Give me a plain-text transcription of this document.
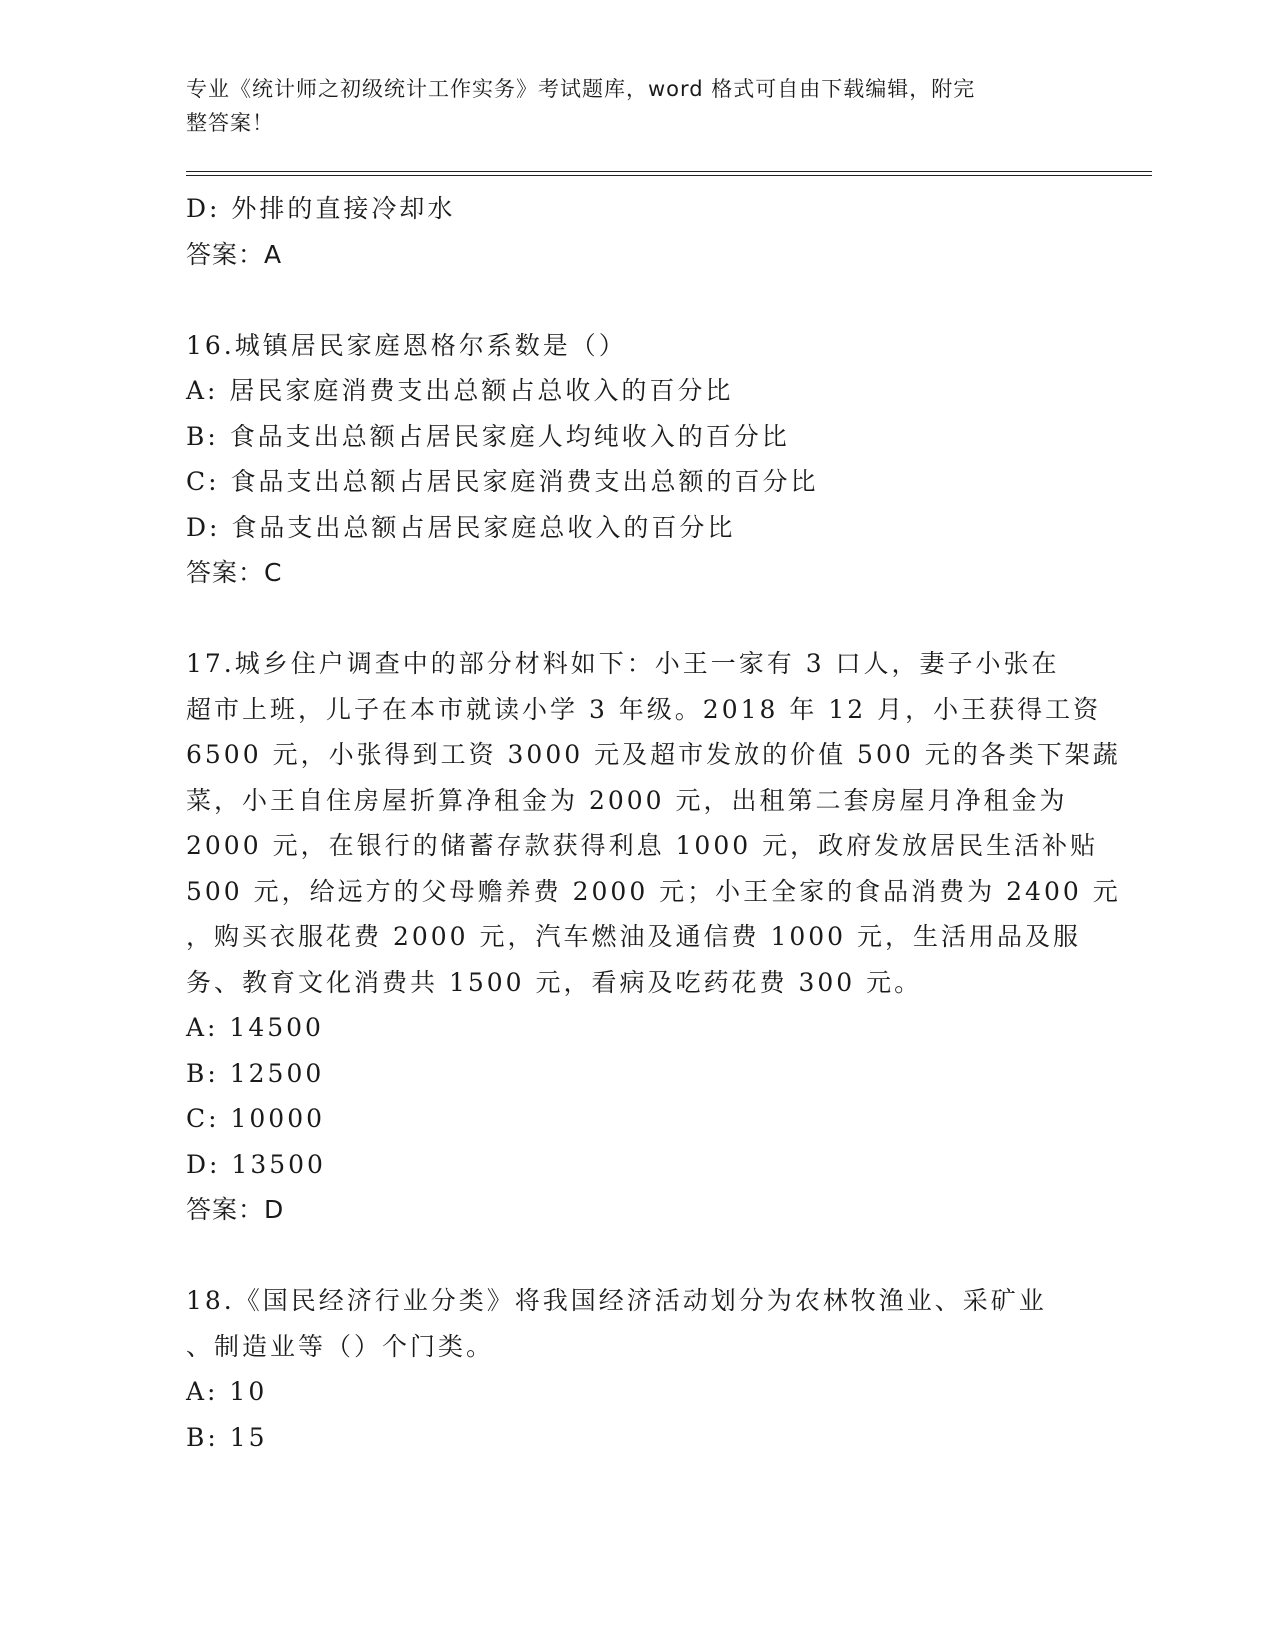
专业《统计师之初级统计工作实务》考试题库，word 格式可自由下载编辑，附完
整答案！
D: 外排的直接冷却水
答案：A
16.城镇居民家庭恩格尔系数是（）
A: 居民家庭消费支出总额占总收入的百分比
B: 食品支出总额占居民家庭人均纯收入的百分比
C: 食品支出总额占居民家庭消费支出总额的百分比
D: 食品支出总额占居民家庭总收入的百分比
答案：C
17.城乡住户调查中的部分材料如下：小王一家有 3 口人，妻子小张在
超市上班，儿子在本市就读小学 3 年级。2018 年 12 月，小王获得工资
6500 元，小张得到工资 3000 元及超市发放的价值 500 元的各类下架蔬
菜，小王自住房屋折算净租金为 2000 元，出租第二套房屋月净租金为
2000 元，在银行的储蓄存款获得利息 1000 元，政府发放居民生活补贴
500 元，给远方的父母赡养费 2000 元；小王全家的食品消费为 2400 元
，购买衣服花费 2000 元，汽车燃油及通信费 1000 元，生活用品及服
务、教育文化消费共 1500 元，看病及吃药花费 300 元。
A: 14500
B: 12500
C: 10000
D: 13500
答案：D
18.《国民经济行业分类》将我国经济活动划分为农林牧渔业、采矿业
、制造业等（）个门类。
A: 10
B: 15
